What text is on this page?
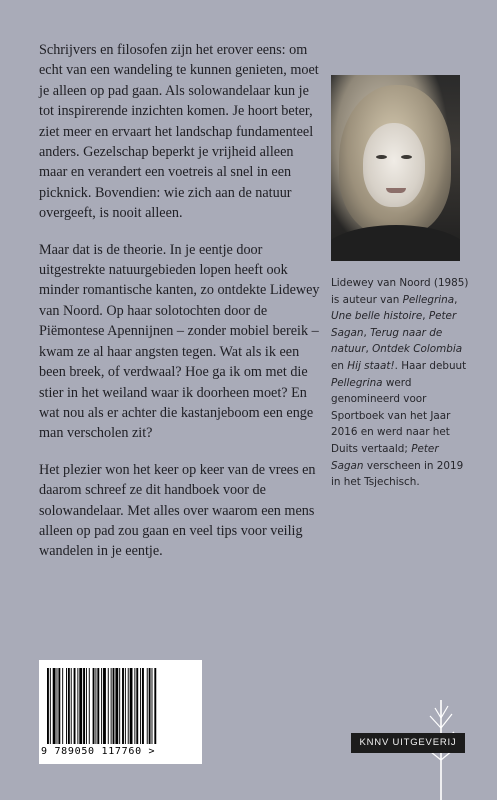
Schrijvers en filosofen zijn het erover eens: om echt van een wandeling te kunnen genieten, moet je alleen op pad gaan. Als solowandelaar kun je tot inspirerende inzichten komen. Je hoort beter, ziet meer en ervaart het landschap fundamenteel anders. Gezelschap beperkt je vrijheid alleen maar en verandert een voetreis al snel in een picknick. Bovendien: wie zich aan de natuur overgeeft, is nooit alleen.

Maar dat is de theorie. In je eentje door uitgestrekte natuurgebieden lopen heeft ook minder romantische kanten, zo ontdekte Lidewey van Noord. Op haar solotochten door de Piëmontese Apennijnen – zonder mobiel bereik – kwam ze al haar angsten tegen. Wat als ik een been breek, of verdwaal? Hoe ga ik om met die stier in het weiland waar ik doorheen moet? En wat nou als er achter die kastanjeboom een enge man verscholen zit?

Het plezier won het keer op keer van de vrees en daarom schreef ze dit handboek voor de solowandelaar. Met alles over waarom een mens alleen op pad zou gaan en veel tips voor veilig wandelen in je eentje.

Lidewey van Noord (1985) is auteur van Pellegrina, Une belle histoire, Peter Sagan, Terug naar de natuur, Ontdek Colombia en Hij staat!. Haar debuut Pellegrina werd genomineerd voor Sportboek van het Jaar 2016 en werd naar het Duits vertaald; Peter Sagan verscheen in 2019 in het Tsjechisch.
9 789050 117760 >
KNNV UITGEVERIJ
